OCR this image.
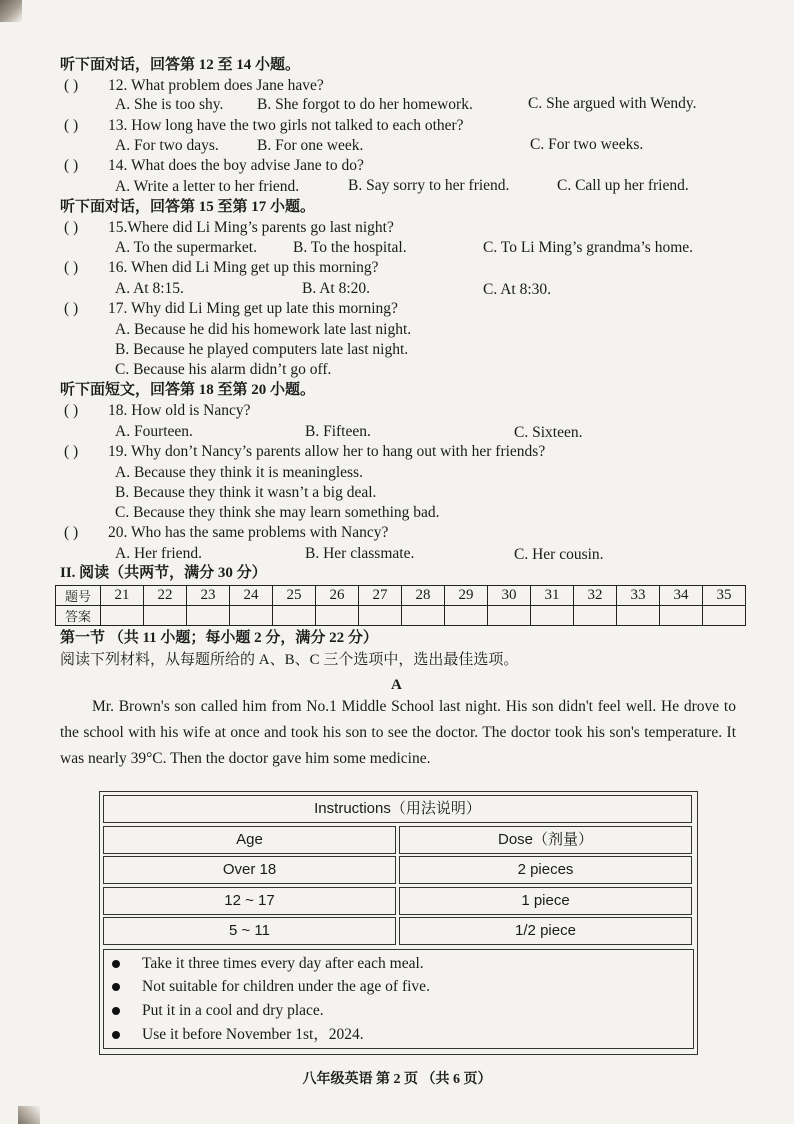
听下面对话，回答第 12 至 14 小题。
( ) 12. What problem does Jane have?
A. She is too shy. B. She forgot to do her homework.	C. She argued with Wendy.
( ) 13. How long have the two girls not talked to each other?
A. For two days. B. For one week.	C. For two weeks.
( ) 14. What does the boy advise Jane to do?
A. Write a letter to her friend.	B. Say sorry to her friend.	C. Call up her friend.
听下面对话，回答第 15 至第 17 小题。
( ) 15.Where did Li Ming’s parents go last night?
A. To the supermarket. B. To the hospital.	C. To Li Ming’s grandma’s home.
( ) 16. When did Li Ming get up this morning?
A. At 8:15.	B. At 8:20.	C. At 8:30.
( ) 17. Why did Li Ming get up late this morning?
A. Because he did his homework late last night.
B. Because he played computers late last night.
C. Because his alarm didn’t go off.
听下面短文，回答第 18 至第 20 小题。
( ) 18. How old is Nancy?
A. Fourteen.	B. Fifteen.	C. Sixteen.
( ) 19. Why don’t Nancy’s parents allow her to hang out with her friends?
A. Because they think it is meaningless.
B. Because they think it wasn’t a big deal.
C. Because they think she may learn something bad.
( ) 20. Who has the same problems with Nancy?
A. Her friend.	B. Her classmate.	C. Her cousin.
II. 阅读（共两节，满分 30 分）
题号	21	22	23	24	25	26	27	28	29	30	31	32	33	34	35
答案															
第一节 （共 11 小题；每小题 2 分，满分 22 分）
阅读下列材料，从每题所给的 A、B、C 三个选项中，选出最佳选项。
A
Mr. Brown's son called him from No.1 Middle School last night. His son didn't feel well. He drove to the school with his wife at once and took his son to see the doctor. The doctor took his son's temperature. It was nearly 39°C. Then the doctor gave him some medicine.
Instructions（用法说明）
Age	Dose（剂量）
Over 18	2 pieces
12 ~ 17	1 piece
5 ~ 11	1/2 piece
Take it three times every day after each meal.
Not suitable for children under the age of five.
Put it in a cool and dry place.
Use it before November 1st，2024.
八年级英语 第 2 页 （共 6 页）
